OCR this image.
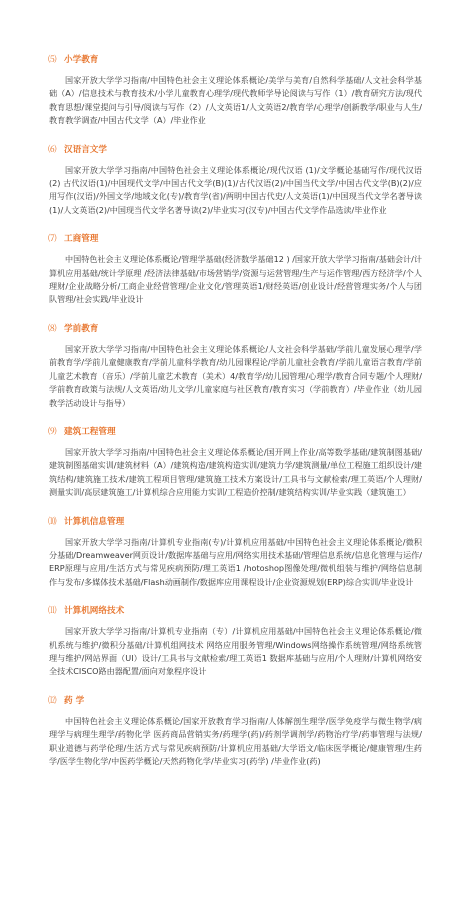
⑸ 小学教育

国家开放大学学习指南/中国特色社会主义理论体系概论/美学与美育/自然科学基础/人文社会科学基础（A）/信息技术与教育技术/小学儿童教育心理学/现代教师学导论阅读与写作（1）/教育研究方法/现代教育思想/课堂提问与引导/阅读与写作（2）/人文英语1/人文英语2/教育学/心理学/创新教学/职业与人生/教育教学调查/中国古代文学（A）/毕业作业

⑹ 汉语言文学

国家开放大学学习指南/中国特色社会主义理论体系概论/现代汉语 (1)/文学概论基础写作/现代汉语(2) 古代汉语(1)/中国现代文学/中国古代文学(B)(1)/古代汉语(2)/中国当代文学/中国古代文学(B)(2)/应用写作(汉语)/外国文学/地域文化(专)/教育学(省)/两明中国古代史/人文英语(1)/中国现当代文学名著导读(1)/人文英语(2)/中国现当代文学名著导读(2)/毕业实习(汉专)/中国古代文学作品选读/毕业作业

⑺ 工商管理

中国特色社会主义理论体系概论/管理学基础(经济数学基础12 ) /国家开放大学学习指南/基础会计/计算机应用基础/统计学原理 /经济法律基础/市场营销学/资源与运营管理/生产与运作管理/西方经济学/个人理财/企业战略分析/工商企业经营管理/企业文化/管理英语1/财经英语/创业设计/经营管理实务/个人与团队管理/社会实践/毕业设计

⑻ 学前教育

国家开放大学学习指南/中国特色社会主义理论体系概论/人文社会科学基础/学前儿童发展心理学/学前教育学/学前儿童健康教育/学前儿童科学教育/幼儿园课程论/学前儿童社会教育/学前儿童语言教育/学前儿童艺术教育（音乐）/学前儿童艺术教育（美术）4/教育学/幼儿园管理/心理学/教育合同专题/个人理财/学前教育政策与法规/人文英语/幼儿文学/儿童家庭与社区教育/教育实习（学前教育）/毕业作业（幼儿园教学活动设计与指导）

⑼ 建筑工程管理

国家开放大学学习指南/中国特色社会主义理论体系概论/国开网上作业/高等数学基础/建筑制图基础/建筑制图基础实训/建筑材料（A）/建筑构造/建筑构造实训/建筑力学/建筑测量/单位工程施工组织设计/建筑结构/建筑施工技术/建筑工程项目管理/建筑施工技术方案设计/工具书与文献检索/理工英语/个人理财/测量实训/高层建筑施工/计算机综合应用能力实训/工程造价控制/建筑结构实训/毕业实践（建筑施工）

⑽ 计算机信息管理

国家开放大学学习指南/计算机专业指南(专)/计算机应用基础/中国特色社会主义理论体系概论/微积分基础/Dreamweaver网页设计/数据库基础与应用/网络实用技术基础/管理信息系统/信息化管理与运作/ERP原理与应用/生活方式与常见疾病预防/理工英语1 /hotoshop图像处理/微机组装与维护/网络信息制作与发布/多媒体技术基础/Flash动画制作/数据库应用课程设计/企业资源规划(ERP)综合实训/毕业设计

⑾ 计算机网络技术

国家开放大学学习指南/计算机专业指南（专）/计算机应用基础/中国特色社会主义理论体系概论/微机系统与维护/微积分基础/计算机组网技术 网络应用服务管理/Windows网络操作系统管理/网络系统管理与维护/网站界面（UI）设计/工具书与文献检索/理工英语1 数据库基础与应用/个人理财/计算机网络安全技术CISCO路由器配置/面向对象程序设计

⑿ 药 学

中国特色社会主义理论体系概论/国家开放教育学习指南/人体解剖生理学/医学免疫学与微生物学/病理学与病理生理学/药物化学 医药商品营销实务/药理学(药)/药剂学调剂学/药物治疗学/药事管理与法规/职业道德与药学伦理/生活方式与常见疾病预防/计算机应用基础/大学语文/临床医学概论/健康管理/生药学/医学生物化学/中医药学概论/天然药物化学/毕业实习(药学) /毕业作业(药)
